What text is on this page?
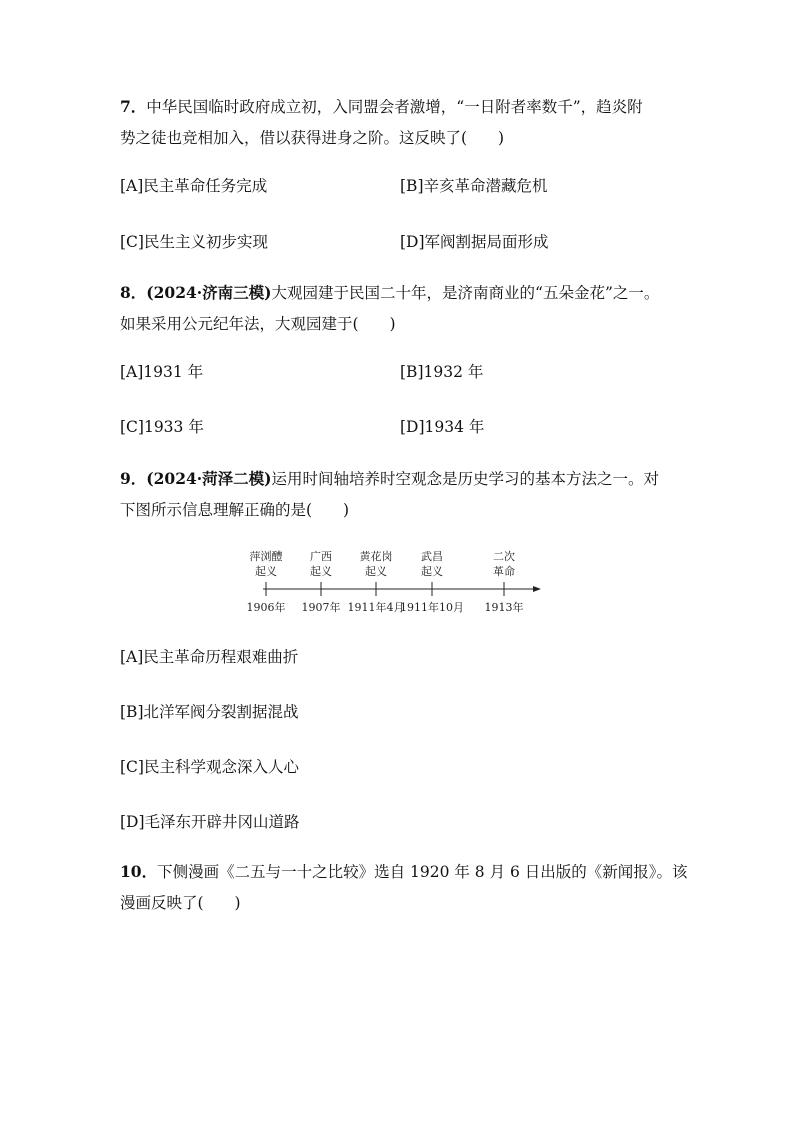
7．中华民国临时政府成立初，入同盟会者激增，“一日附者率数千”，趋炎附
势之徒也竞相加入，借以获得进身之阶。这反映了(　　)
[A]民主革命任务完成	[B]辛亥革命潜藏危机
[C]民生主义初步实现	[D]军阀割据局面形成
8．(2024·济南三模)大观园建于民国二十年，是济南商业的“五朵金花”之一。
如果采用公元纪年法，大观园建于(　　)
[A]1931 年	[B]1932 年
[C]1933 年	[D]1934 年
9．(2024·菏泽二模)运用时间轴培养时空观念是历史学习的基本方法之一。对
下图所示信息理解正确的是(　　)
萍浏醴
起义
1906年
广西
起义
1907年
黄花岗
起义
1911年4月
武昌
起义
1911年10月
二次
革命
1913年
[A]民主革命历程艰难曲折
[B]北洋军阀分裂割据混战
[C]民主科学观念深入人心
[D]毛泽东开辟井冈山道路
10．下侧漫画《二五与一十之比较》选自 1920 年 8 月 6 日出版的《新闻报》。该
漫画反映了(　　)
